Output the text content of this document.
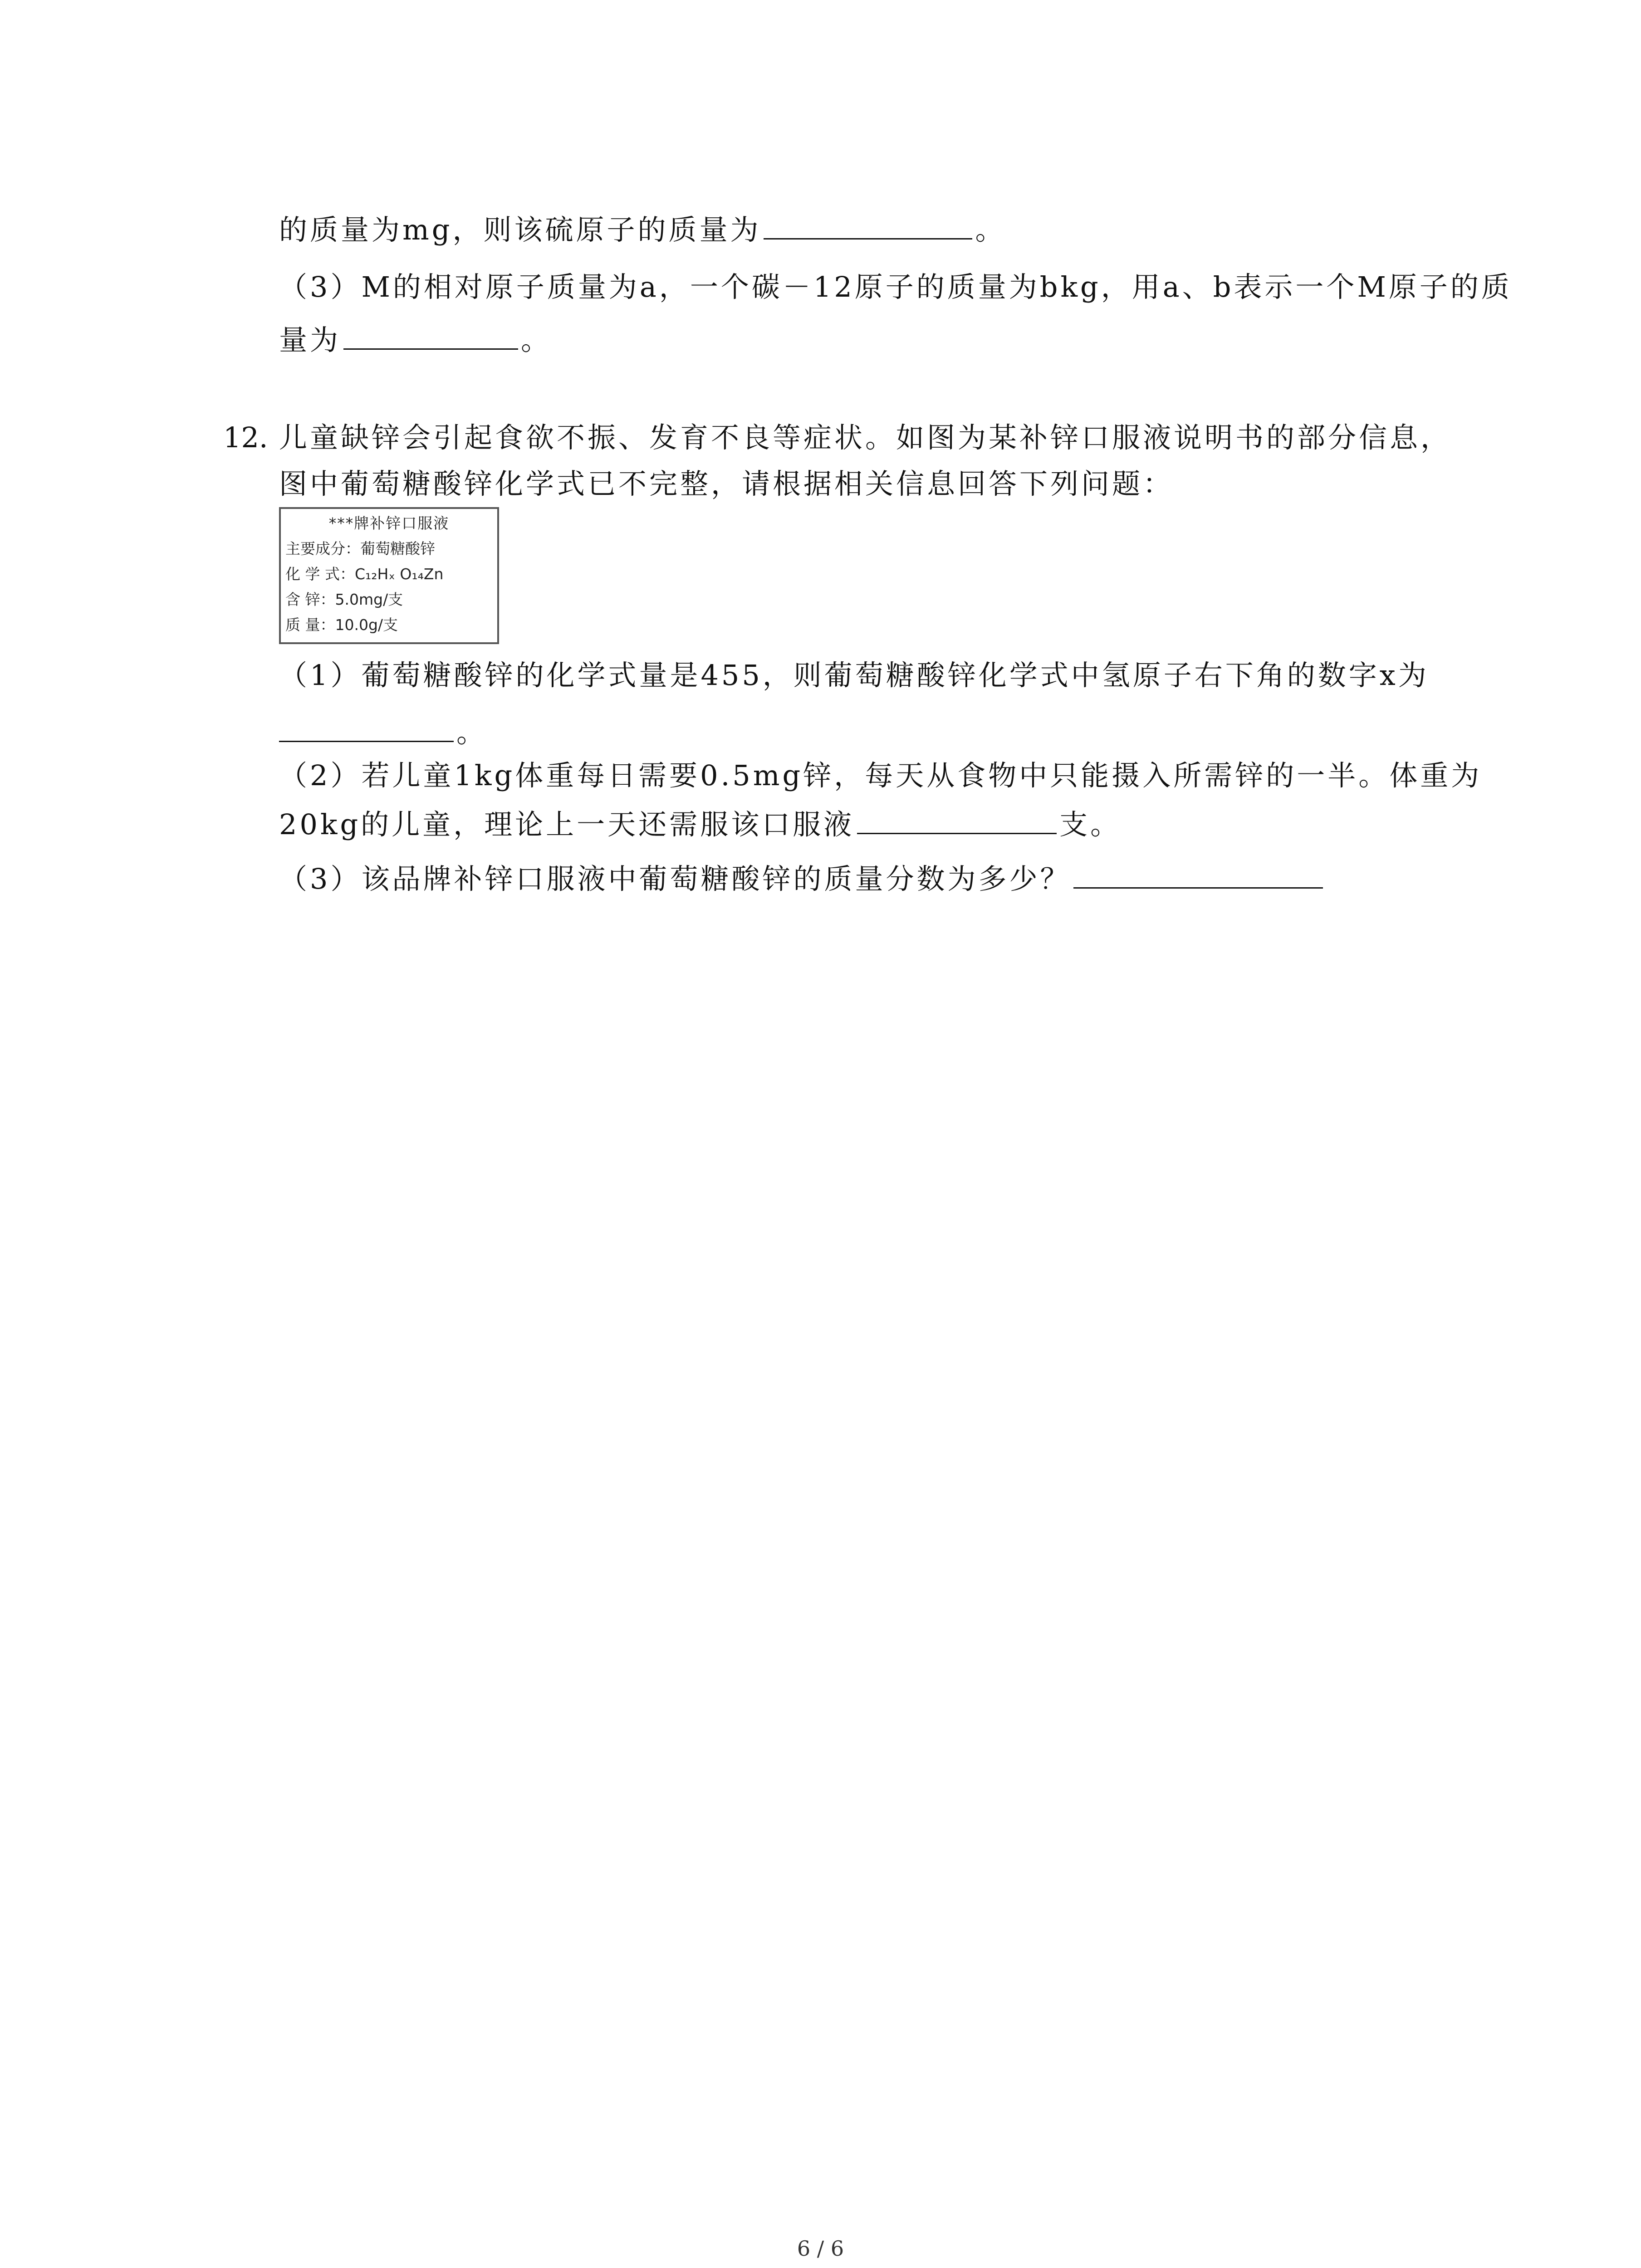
的质量为mg，则该硫原子的质量为	。
（3）M的相对原子质量为a，一个碳－12原子的质量为bkg，用a、b表示一个M原子的质
量为	。
12. 儿童缺锌会引起食欲不振、发育不良等症状。如图为某补锌口服液说明书的部分信息，
图中葡萄糖酸锌化学式已不完整，请根据相关信息回答下列问题：
***牌补锌口服液
主要成分：葡萄糖酸锌
化 学 式：C₁₂Hₓ O₁₄Zn
含 锌：5.0mg/支
质 量：10.0g/支
（1）葡萄糖酸锌的化学式量是455，则葡萄糖酸锌化学式中氢原子右下角的数字x为
。
（2）若儿童1kg体重每日需要0.5mg锌，每天从食物中只能摄入所需锌的一半。体重为
20kg的儿童，理论上一天还需服该口服液	支。
（3）该品牌补锌口服液中葡萄糖酸锌的质量分数为多少？
6 / 6
